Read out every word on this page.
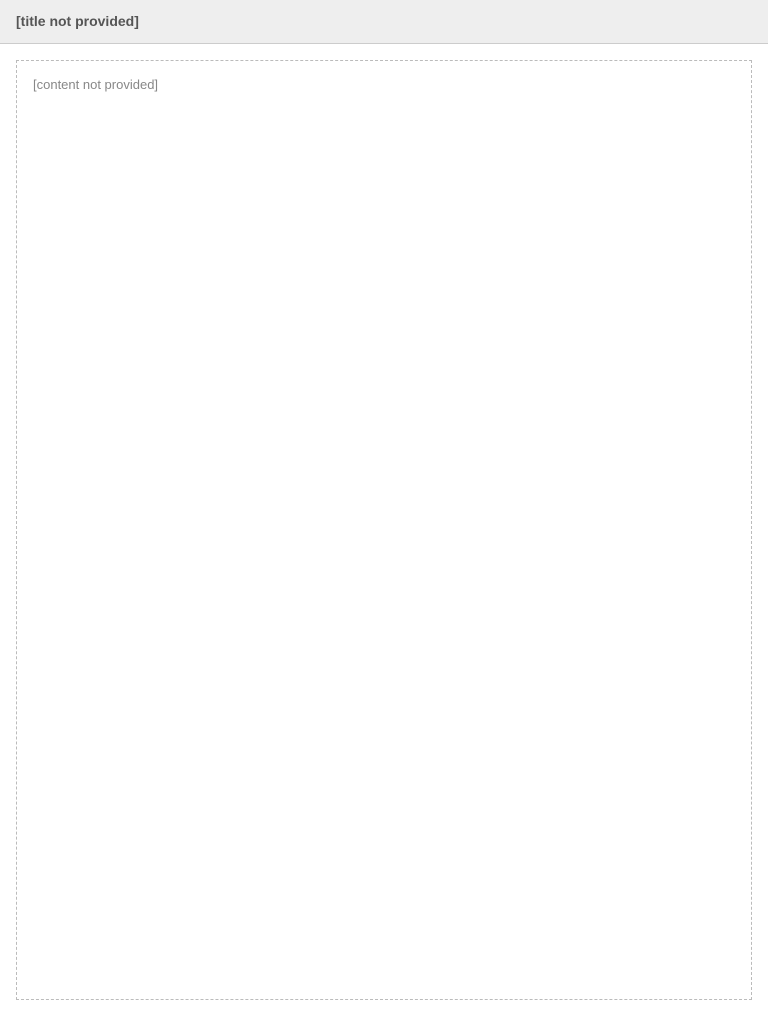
[title not provided]
[content not provided]
